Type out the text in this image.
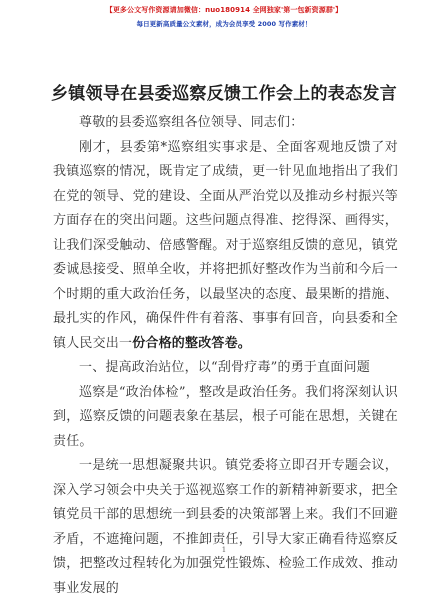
【更多公文写作资源请加微信：nuo180914 全网独家'第一包新资源群'】
每日更新高质量公文素材，成为会员享受 2000 写作素材！
乡镇领导在县委巡察反馈工作会上的表态发言

尊敬的县委巡察组各位领导、同志们：

刚才，县委第*巡察组实事求是、全面客观地反馈了对我镇巡察的情况，既肯定了成绩，更一针见血地指出了我们在党的领导、党的建设、全面从严治党以及推动乡村振兴等方面存在的突出问题。这些问题点得准、挖得深、画得实，让我们深受触动、倍感警醒。对于巡察组反馈的意见，镇党委诚恳接受、照单全收，并将把抓好整改作为当前和今后一个时期的重大政治任务，以最坚决的态度、最果断的措施、最扎实的作风，确保件件有着落、事事有回音，向县委和全镇人民交出一份合格的整改答卷。

一、提高政治站位，以“刮骨疗毒”的勇于直面问题

巡察是“政治体检”，整改是政治任务。我们将深刻认识到，巡察反馈的问题表象在基层，根子可能在思想，关键在责任。

一是统一思想凝聚共识。镇党委将立即召开专题会议，深入学习领会中央关于巡视巡察工作的新精神新要求，把全镇党员干部的思想统一到县委的决策部署上来。我们不回避矛盾，不遮掩问题，不推卸责任，引导大家正确看待巡察反馈，把整改过程转化为加强党性锻炼、检验工作成效、推动事业发展的

1
